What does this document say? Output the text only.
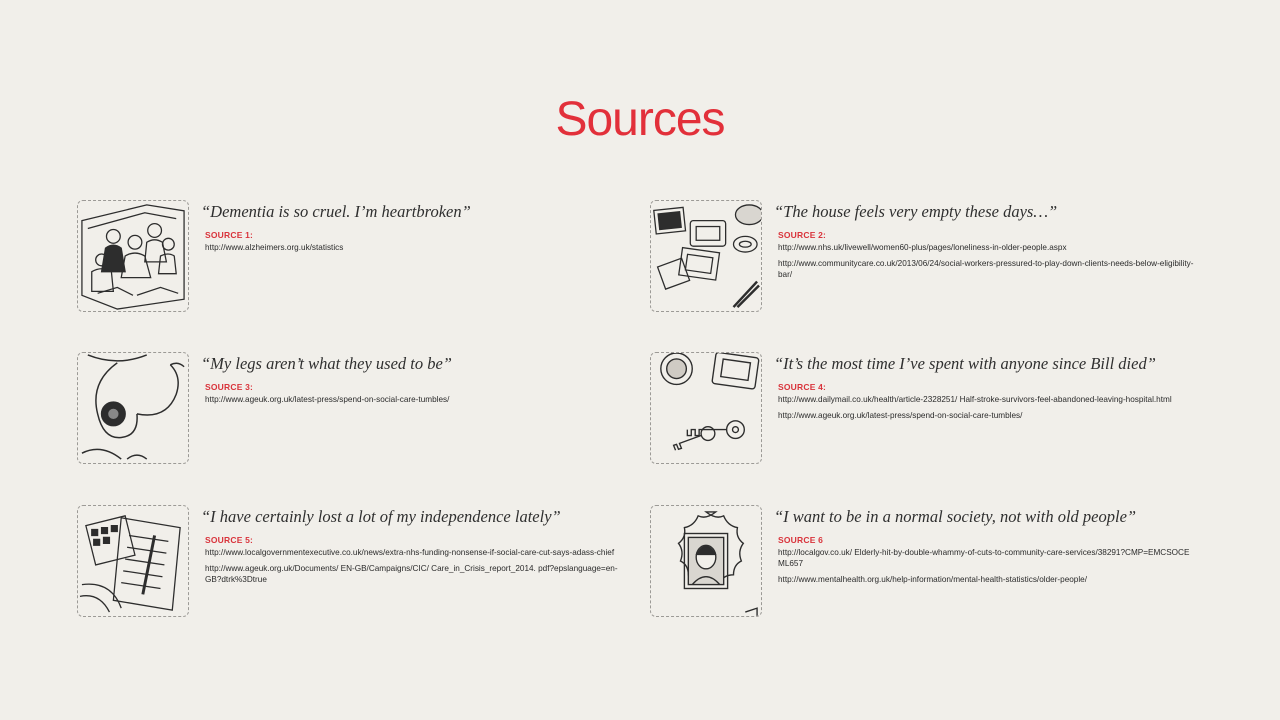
Sources

“Dementia is so cruel. I’m heartbroken”

SOURCE 1:

http://www.alzheimers.org.uk/statistics

“The house feels very empty these days…”

SOURCE 2:

http://www.nhs.uk/livewell/women60-plus/pages/loneliness-in-older-people.aspx

http://www.communitycare.co.uk/2013/06/24/social-workers-pressured-to-play-down-clients-needs-below-eligibility-bar/

“My legs aren’t what they used to be”

SOURCE 3:

http://www.ageuk.org.uk/latest-press/spend-on-social-care-tumbles/

“It’s the most time I’ve spent with anyone since Bill died”

SOURCE 4:

http://www.dailymail.co.uk/health/article-2328251/ Half-stroke-survivors-feel-abandoned-leaving-hospital.html

http://www.ageuk.org.uk/latest-press/spend-on-social-care-tumbles/

“I have certainly lost a lot of my independence lately”

SOURCE 5:

http://www.localgovernmentexecutive.co.uk/news/extra-nhs-funding-nonsense-if-social-care-cut-says-adass-chief

http://www.ageuk.org.uk/Documents/ EN-GB/Campaigns/CIC/ Care_in_Crisis_report_2014. pdf?epslanguage=en-GB?dtrk%3Dtrue

“I want to be in a normal society, not with old people”

SOURCE 6

http://localgov.co.uk/ Elderly-hit-by-double-whammy-of-cuts-to-community-care-services/38291?CMP=EMCSOCEML657

http://www.mentalhealth.org.uk/help-information/mental-health-statistics/older-people/
